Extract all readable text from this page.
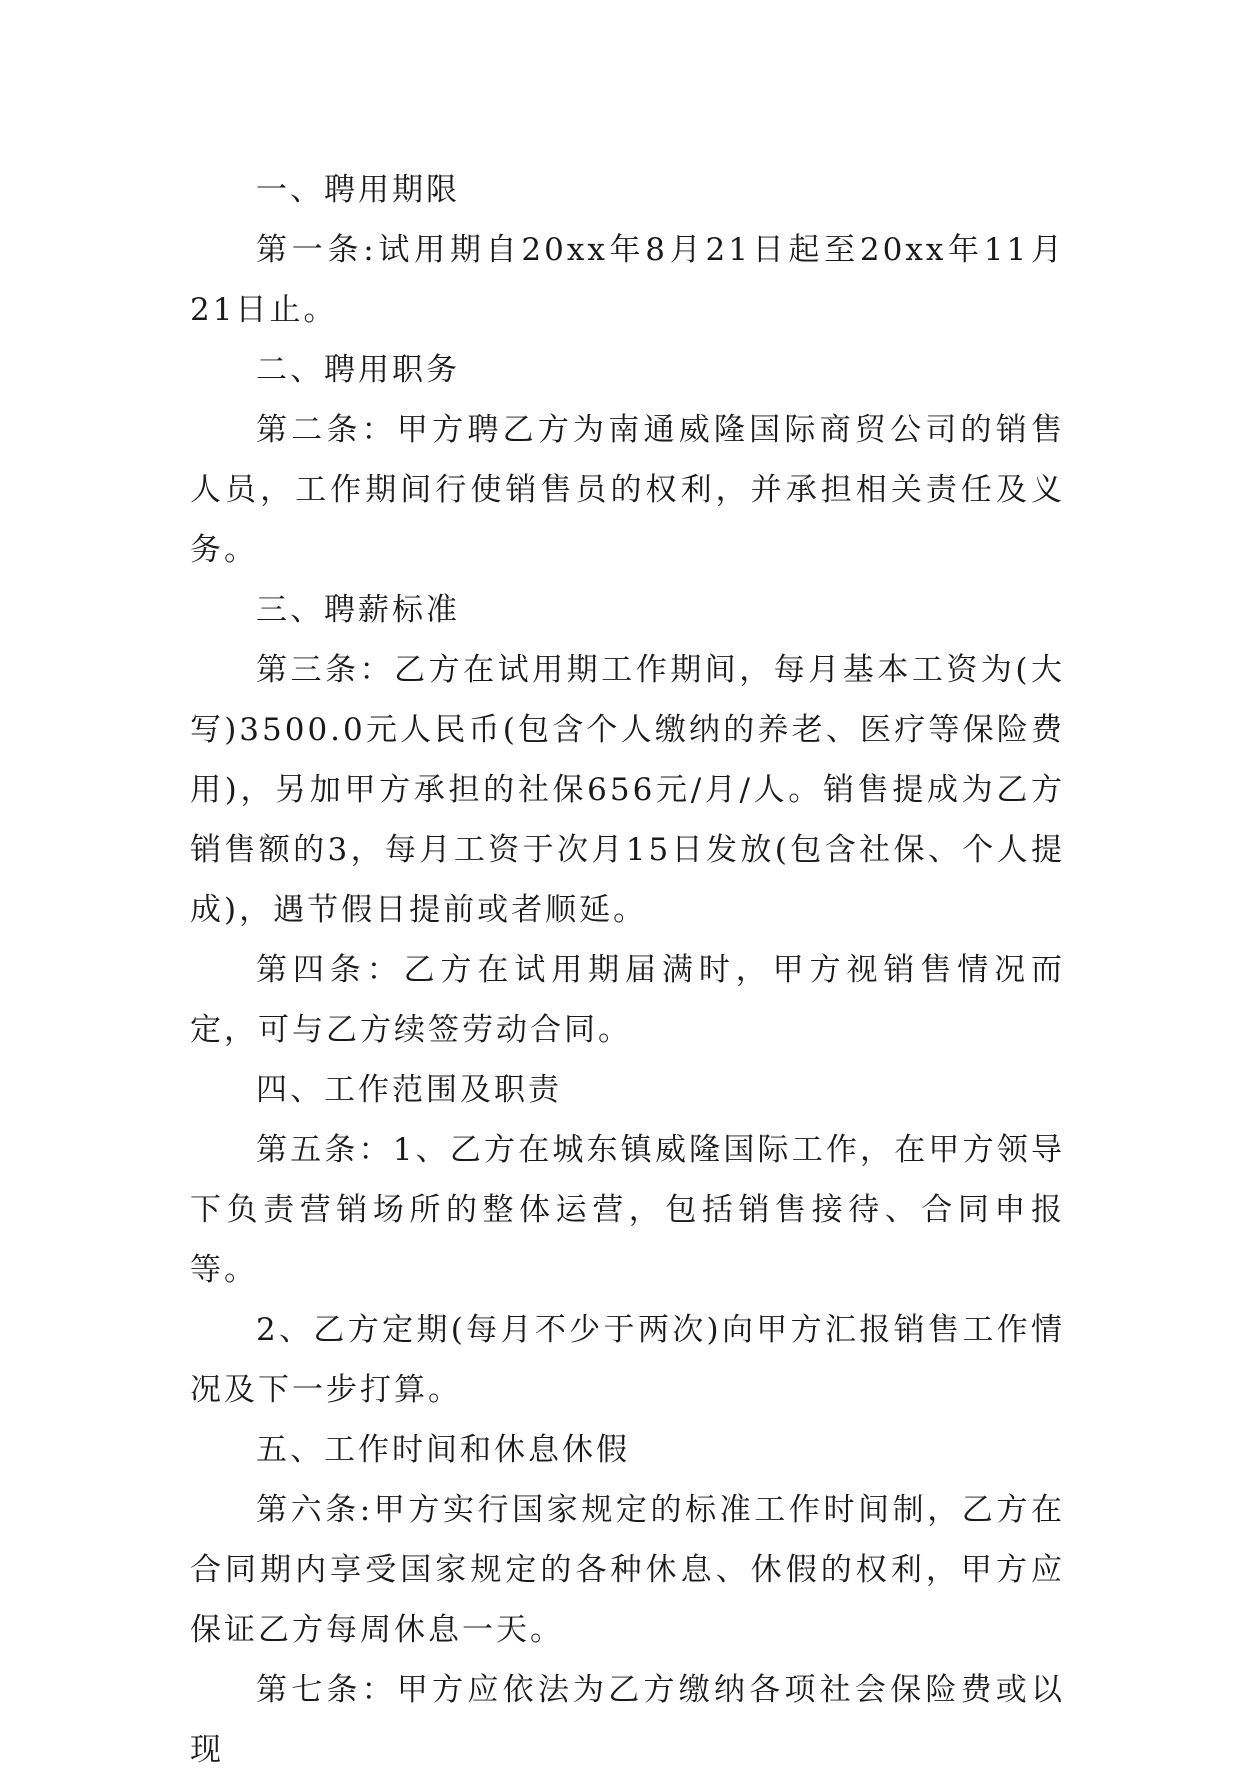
一、聘用期限

第一条:试用期自20xx年8月21日起至20xx年11月21日止。

二、聘用职务

第二条：甲方聘乙方为南通威隆国际商贸公司的销售人员，工作期间行使销售员的权利，并承担相关责任及义务。

三、聘薪标准

第三条：乙方在试用期工作期间，每月基本工资为(大写)3500.0元人民币(包含个人缴纳的养老、医疗等保险费用)，另加甲方承担的社保656元/月/人。销售提成为乙方销售额的3，每月工资于次月15日发放(包含社保、个人提成)，遇节假日提前或者顺延。

第四条：乙方在试用期届满时，甲方视销售情况而定，可与乙方续签劳动合同。

四、工作范围及职责

第五条：1、乙方在城东镇威隆国际工作，在甲方领导下负责营销场所的整体运营，包括销售接待、合同申报等。

2、乙方定期(每月不少于两次)向甲方汇报销售工作情况及下一步打算。

五、工作时间和休息休假

第六条:甲方实行国家规定的标准工作时间制，乙方在合同期内享受国家规定的各种休息、休假的权利，甲方应保证乙方每周休息一天。

第七条：甲方应依法为乙方缴纳各项社会保险费或以现
